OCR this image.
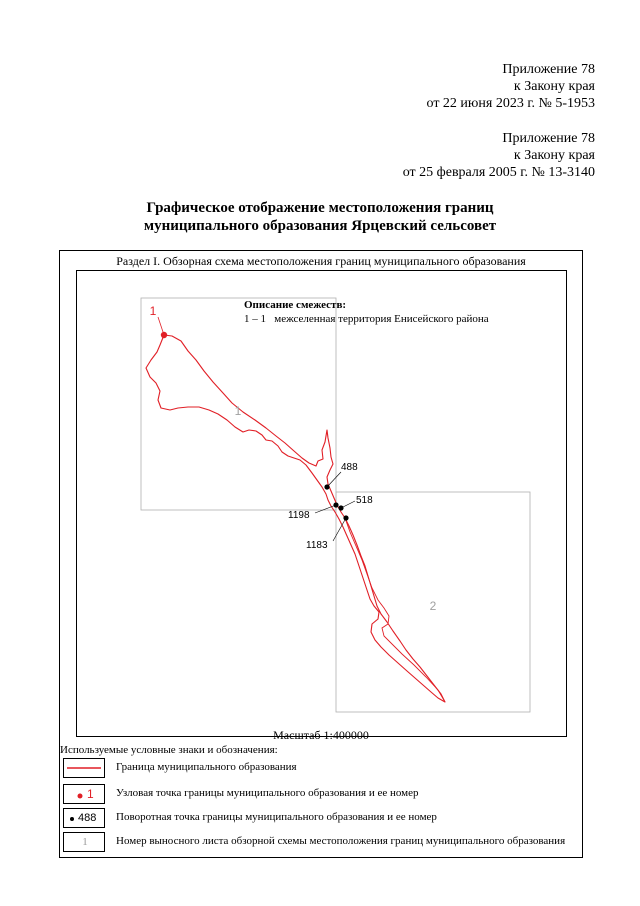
Приложение 78
к Закону края
от 22 июня 2023 г. № 5-1953
Приложение 78
к Закону края
от 25 февраля 2005 г. № 13-3140
Графическое отображение местоположения границ
муниципального образования Ярцевский сельсовет
Раздел I. Обзорная схема местоположения границ муниципального образования
1
2
1
488
518
1198
1183
Описание смежеств:
1 – 1   межселенная территория Енисейского района
Масштаб 1:400000
Используемые условные знаки и обозначения:
Граница муниципального образования
1 Узловая точка границы муниципального образования и ее номер
488 Поворотная точка границы муниципального образования и ее номер
1	Номер выносного листа обзорной схемы местоположения границ муниципального образования
